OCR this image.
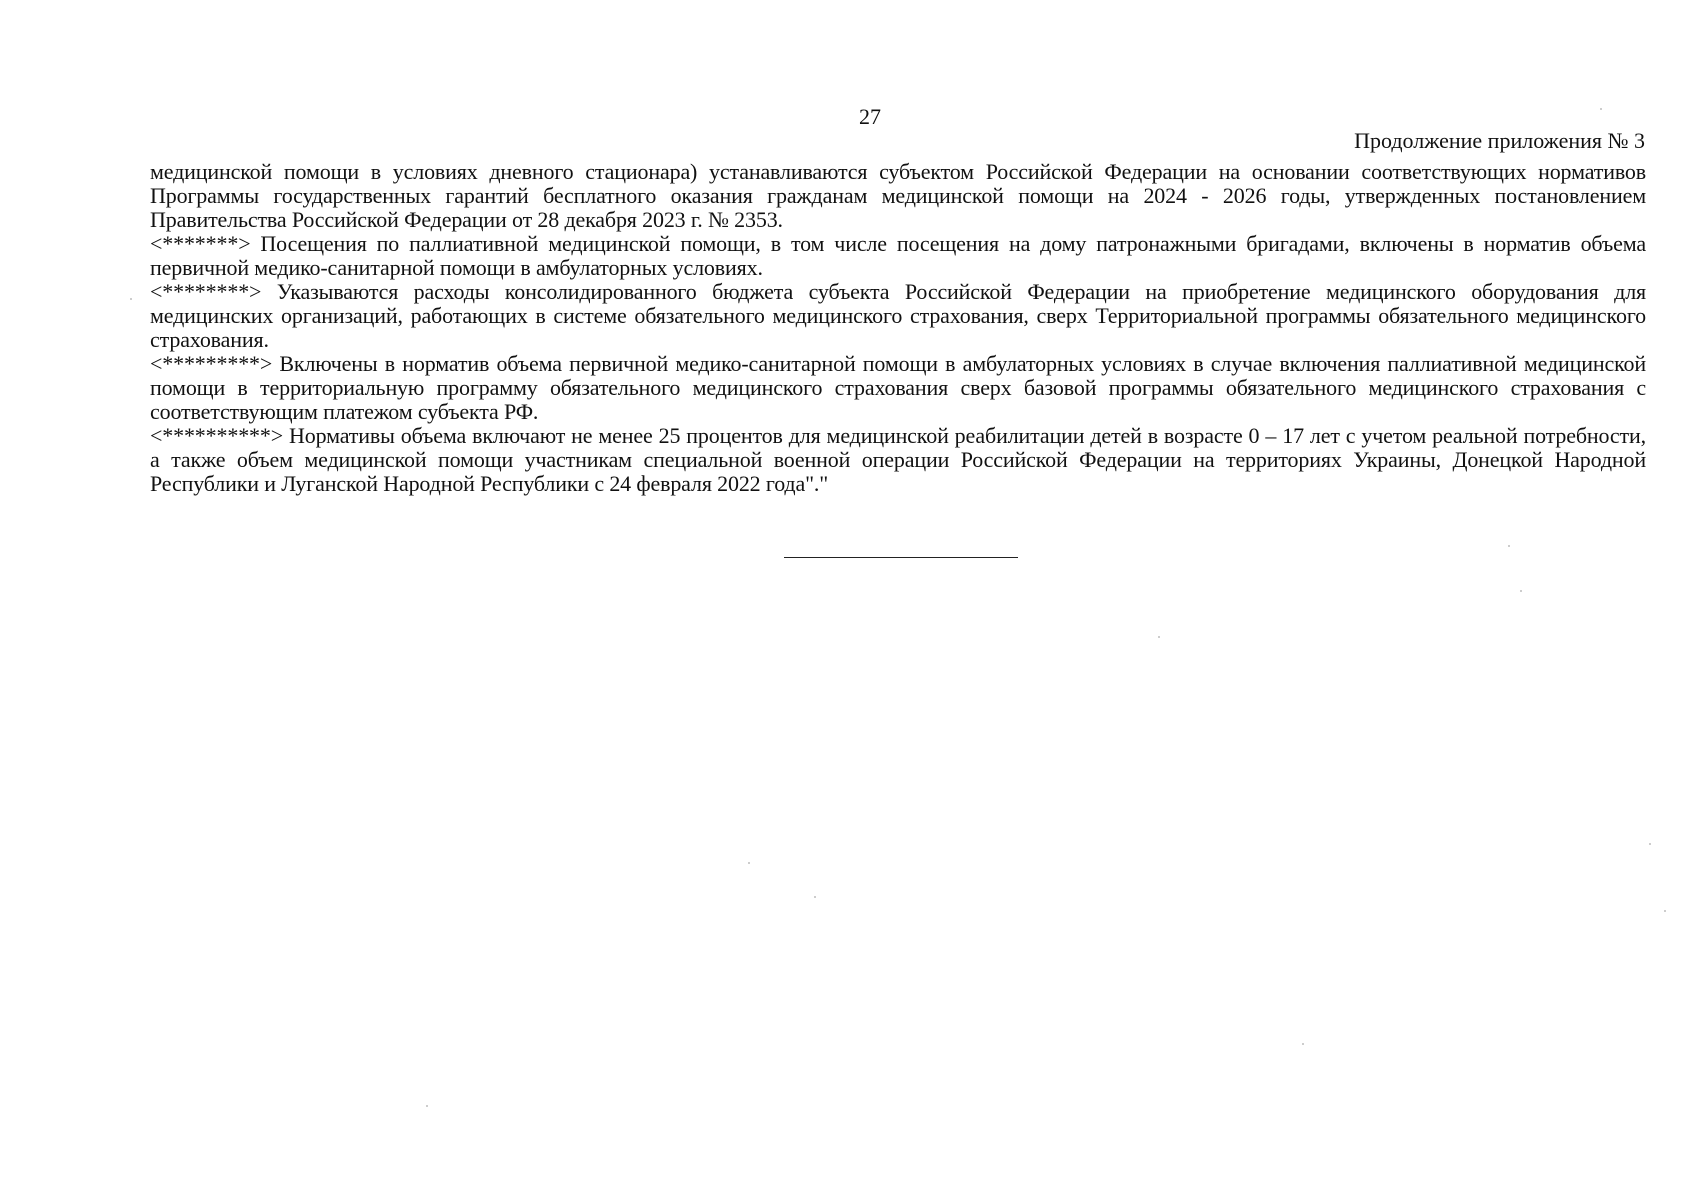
27
Продолжение приложения № 3

медицинской помощи в условиях дневного стационара) устанавливаются субъектом Российской Федерации на основании соответствующих нормативов Программы государственных гарантий бесплатного оказания гражданам медицинской помощи на 2024 - 2026 годы, утвержденных постановлением Правительства Российской Федерации от 28 декабря 2023 г. № 2353.

<*******> Посещения по паллиативной медицинской помощи, в том числе посещения на дому патронажными бригадами, включены в норматив объема первичной медико-санитарной помощи в амбулаторных условиях.

<********> Указываются расходы консолидированного бюджета субъекта Российской Федерации на приобретение медицинского оборудования для медицинских организаций, работающих в системе обязательного медицинского страхования, сверх Территориальной программы обязательного медицинского страхования.

<*********> Включены в норматив объема первичной медико-санитарной помощи в амбулаторных условиях в случае включения паллиативной медицинской помощи в территориальную программу обязательного медицинского страхования сверх базовой программы обязательного медицинского страхования с соответствующим платежом субъекта РФ.

<**********> Нормативы объема включают не менее 25 процентов для медицинской реабилитации детей в возрасте 0 – 17 лет с учетом реальной потребности, а также объем медицинской помощи участникам специальной военной операции Российской Федерации на территориях Украины, Донецкой Народной Республики и Луганской Народной Республики с 24 февраля 2022 года"."
